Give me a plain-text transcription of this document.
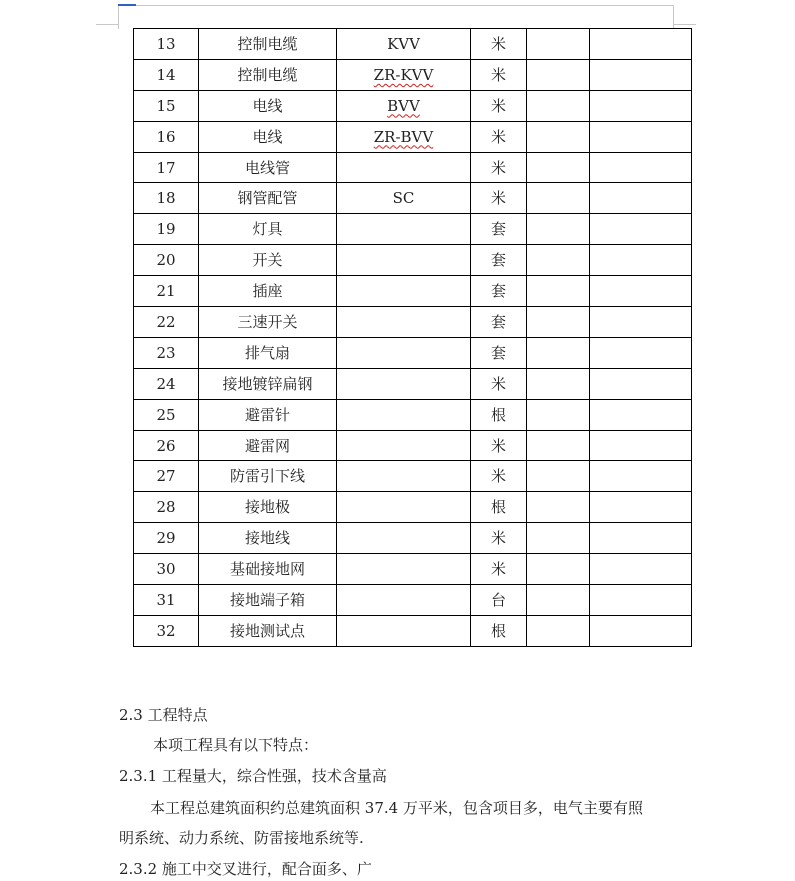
13	控制电缆	KVV	米		
14	控制电缆	ZR-KVV	米		
15	电线	BVV	米		
16	电线	ZR-BVV	米		
17	电线管		米		
18	钢管配管	SC	米		
19	灯具		套		
20	开关		套		
21	插座		套		
22	三速开关		套		
23	排气扇		套		
24	接地镀锌扁钢		米		
25	避雷针		根		
26	避雷网		米		
27	防雷引下线		米		
28	接地极		根		
29	接地线		米		
30	基础接地网		米		
31	接地端子箱		台		
32	接地测试点		根		
2.3 工程特点
本项工程具有以下特点：
2.3.1 工程量大，综合性强，技术含量高
本工程总建筑面积约总建筑面积 37.4 万平米，包含项目多，电气主要有照
明系统、动力系统、防雷接地系统等.
2.3.2 施工中交叉进行，配合面多、广
